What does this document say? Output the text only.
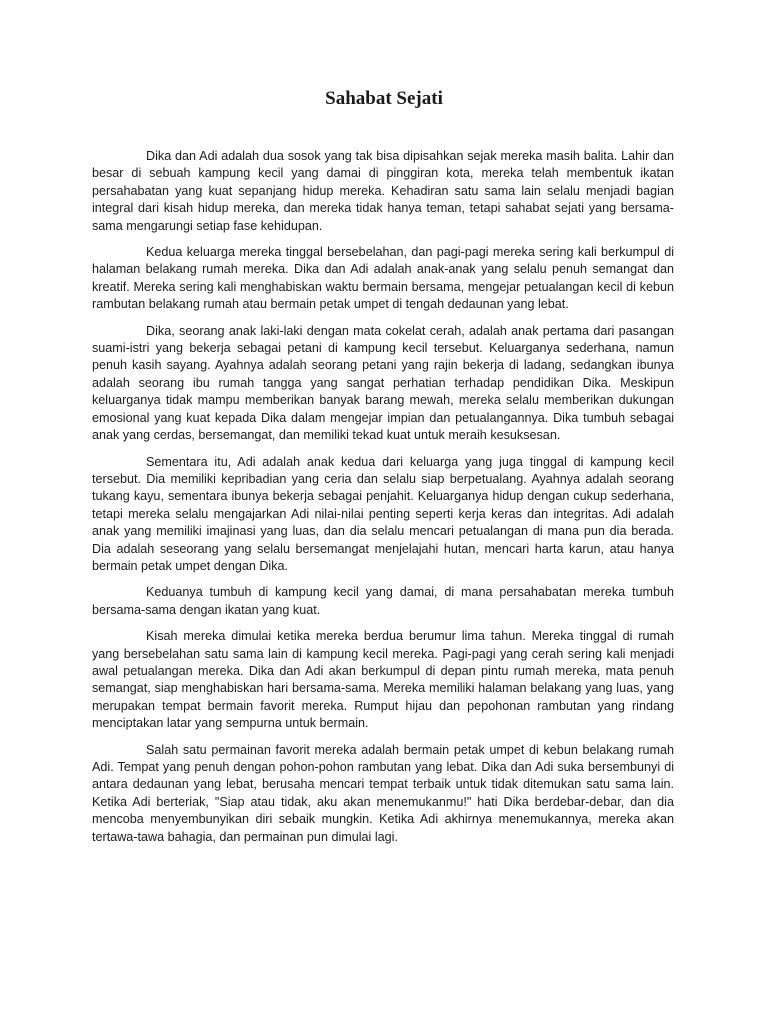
Sahabat Sejati

Dika dan Adi adalah dua sosok yang tak bisa dipisahkan sejak mereka masih balita. Lahir dan besar di sebuah kampung kecil yang damai di pinggiran kota, mereka telah membentuk ikatan persahabatan yang kuat sepanjang hidup mereka. Kehadiran satu sama lain selalu menjadi bagian integral dari kisah hidup mereka, dan mereka tidak hanya teman, tetapi sahabat sejati yang bersama-sama mengarungi setiap fase kehidupan.

Kedua keluarga mereka tinggal bersebelahan, dan pagi-pagi mereka sering kali berkumpul di halaman belakang rumah mereka. Dika dan Adi adalah anak-anak yang selalu penuh semangat dan kreatif. Mereka sering kali menghabiskan waktu bermain bersama, mengejar petualangan kecil di kebun rambutan belakang rumah atau bermain petak umpet di tengah dedaunan yang lebat.

Dika, seorang anak laki-laki dengan mata cokelat cerah, adalah anak pertama dari pasangan suami-istri yang bekerja sebagai petani di kampung kecil tersebut. Keluarganya sederhana, namun penuh kasih sayang. Ayahnya adalah seorang petani yang rajin bekerja di ladang, sedangkan ibunya adalah seorang ibu rumah tangga yang sangat perhatian terhadap pendidikan Dika. Meskipun keluarganya tidak mampu memberikan banyak barang mewah, mereka selalu memberikan dukungan emosional yang kuat kepada Dika dalam mengejar impian dan petualangannya. Dika tumbuh sebagai anak yang cerdas, bersemangat, dan memiliki tekad kuat untuk meraih kesuksesan.

Sementara itu, Adi adalah anak kedua dari keluarga yang juga tinggal di kampung kecil tersebut. Dia memiliki kepribadian yang ceria dan selalu siap berpetualang. Ayahnya adalah seorang tukang kayu, sementara ibunya bekerja sebagai penjahit. Keluarganya hidup dengan cukup sederhana, tetapi mereka selalu mengajarkan Adi nilai-nilai penting seperti kerja keras dan integritas. Adi adalah anak yang memiliki imajinasi yang luas, dan dia selalu mencari petualangan di mana pun dia berada. Dia adalah seseorang yang selalu bersemangat menjelajahi hutan, mencari harta karun, atau hanya bermain petak umpet dengan Dika.

Keduanya tumbuh di kampung kecil yang damai, di mana persahabatan mereka tumbuh bersama-sama dengan ikatan yang kuat.

Kisah mereka dimulai ketika mereka berdua berumur lima tahun. Mereka tinggal di rumah yang bersebelahan satu sama lain di kampung kecil mereka. Pagi-pagi yang cerah sering kali menjadi awal petualangan mereka. Dika dan Adi akan berkumpul di depan pintu rumah mereka, mata penuh semangat, siap menghabiskan hari bersama-sama. Mereka memiliki halaman belakang yang luas, yang merupakan tempat bermain favorit mereka. Rumput hijau dan pepohonan rambutan yang rindang menciptakan latar yang sempurna untuk bermain.

Salah satu permainan favorit mereka adalah bermain petak umpet di kebun belakang rumah Adi. Tempat yang penuh dengan pohon-pohon rambutan yang lebat. Dika dan Adi suka bersembunyi di antara dedaunan yang lebat, berusaha mencari tempat terbaik untuk tidak ditemukan satu sama lain. Ketika Adi berteriak, "Siap atau tidak, aku akan menemukanmu!" hati Dika berdebar-debar, dan dia mencoba menyembunyikan diri sebaik mungkin. Ketika Adi akhirnya menemukannya, mereka akan tertawa-tawa bahagia, dan permainan pun dimulai lagi.
